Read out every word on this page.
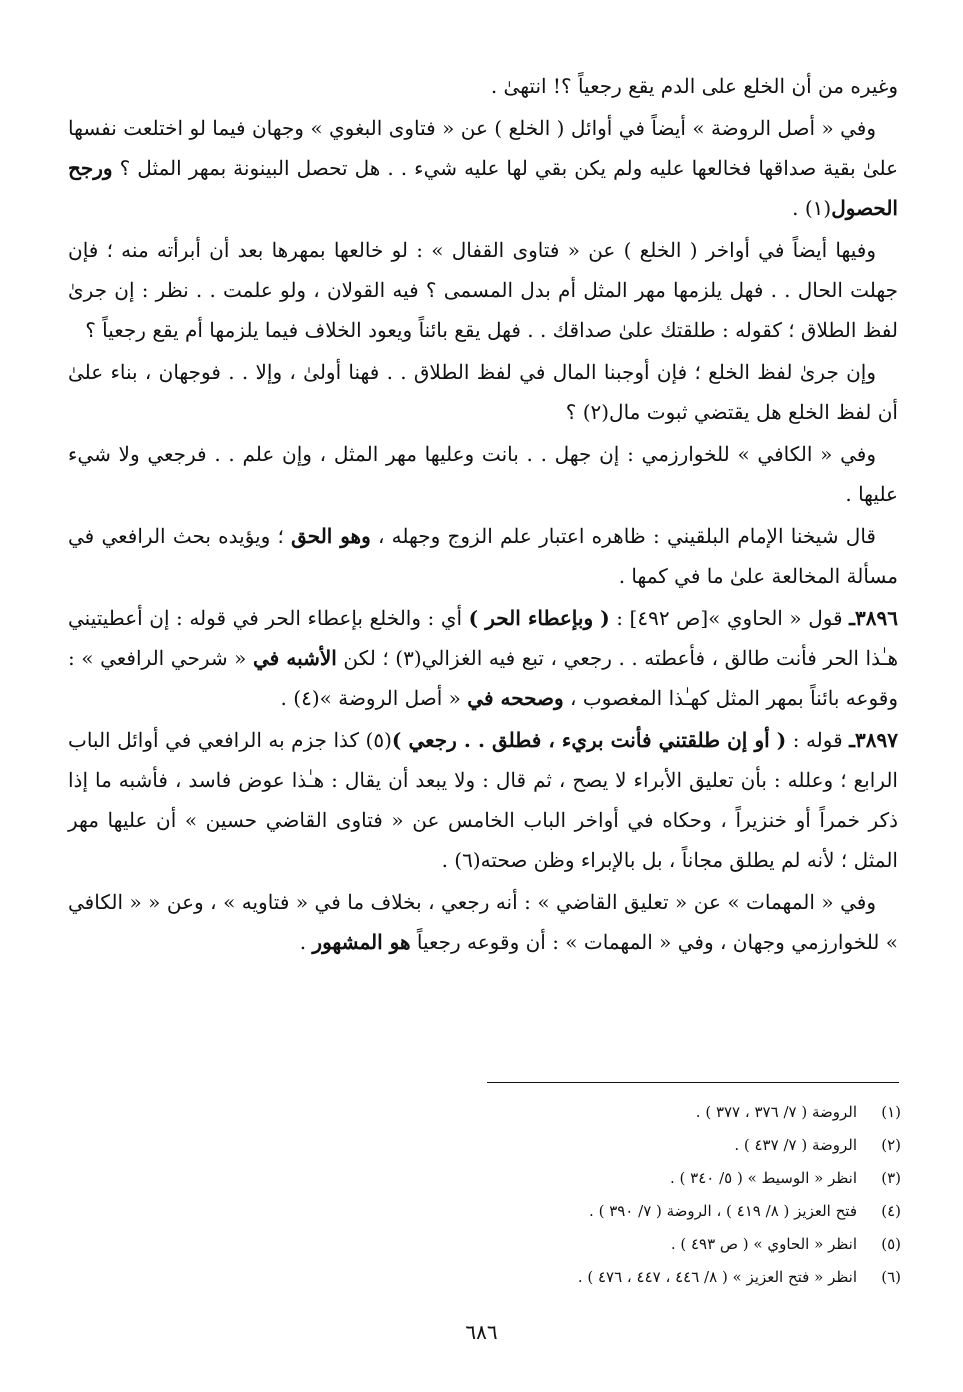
وغيره من أن الخلع على الدم يقع رجعياً ؟! انتهىٰ .

وفي « أصل الروضة » أيضاً في أوائل ( الخلع ) عن « فتاوى البغوي » وجهان فيما لو اختلعت نفسها علىٰ بقية صداقها فخالعها عليه ولم يكن بقي لها عليه شيء . . هل تحصل البينونة بمهر المثل ؟ ورجح الحصول(١) .

وفيها أيضاً في أواخر ( الخلع ) عن « فتاوى القفال » : لو خالعها بمهرها بعد أن أبرأته منه ؛ فإن جهلت الحال . . فهل يلزمها مهر المثل أم بدل المسمى ؟ فيه القولان ، ولو علمت . . نظر : إن جرىٰ لفظ الطلاق ؛ كقوله : طلقتك علىٰ صداقك . . فهل يقع بائناً ويعود الخلاف فيما يلزمها أم يقع رجعياً ؟

وإن جرىٰ لفظ الخلع ؛ فإن أوجبنا المال في لفظ الطلاق . . فهنا أولىٰ ، وإلا . . فوجهان ، بناء علىٰ أن لفظ الخلع هل يقتضي ثبوت مال(٢) ؟

وفي « الكافي » للخوارزمي : إن جهل . . بانت وعليها مهر المثل ، وإن علم . . فرجعي ولا شيء عليها .

قال شيخنا الإمام البلقيني : ظاهره اعتبار علم الزوج وجهله ، وهو الحق ؛ ويؤيده بحث الرافعي في مسألة المخالعة علىٰ ما في كمها .

٣٨٩٦ـ قول « الحاوي »[ص ٤٩٢] : ( وبإعطاء الحر ) أي : والخلع بإعطاء الحر في قوله : إن أعطيتيني هـٰذا الحر فأنت طالق ، فأعطته . . رجعي ، تبع فيه الغزالي(٣) ؛ لكن الأشبه في « شرحي الرافعي » : وقوعه بائناً بمهر المثل كهـٰذا المغصوب ، وصححه في « أصل الروضة »(٤) .

٣٨٩٧ـ قوله : ( أو إن طلقتني فأنت بريء ، فطلق . . رجعي )(٥) كذا جزم به الرافعي في أوائل الباب الرابع ؛ وعلله : بأن تعليق الأبراء لا يصح ، ثم قال : ولا يبعد أن يقال : هـٰذا عوض فاسد ، فأشبه ما إذا ذكر خمراً أو خنزيراً ، وحكاه في أواخر الباب الخامس عن « فتاوى القاضي حسين » أن عليها مهر المثل ؛ لأنه لم يطلق مجاناً ، بل بالإبراء وظن صحته(٦) .

وفي « المهمات » عن « تعليق القاضي » : أنه رجعي ، بخلاف ما في « فتاويه » ، وعن « « الكافي » للخوارزمي وجهان ، وفي « المهمات » : أن وقوعه رجعياً هو المشهور .

(١)
الروضة ( ٧/ ٣٧٦ ، ٣٧٧ ) .
(٢)
الروضة ( ٧/ ٤٣٧ ) .
(٣)
انظر « الوسيط » ( ٥/ ٣٤٠ ) .
(٤)
فتح العزيز ( ٨/ ٤١٩ ) ، الروضة ( ٧/ ٣٩٠ ) .
(٥)
انظر « الحاوي » ( ص ٤٩٣ ) .
(٦)
انظر « فتح العزيز » ( ٨/ ٤٤٦ ، ٤٤٧ ، ٤٧٦ ) .
٦٨٦
